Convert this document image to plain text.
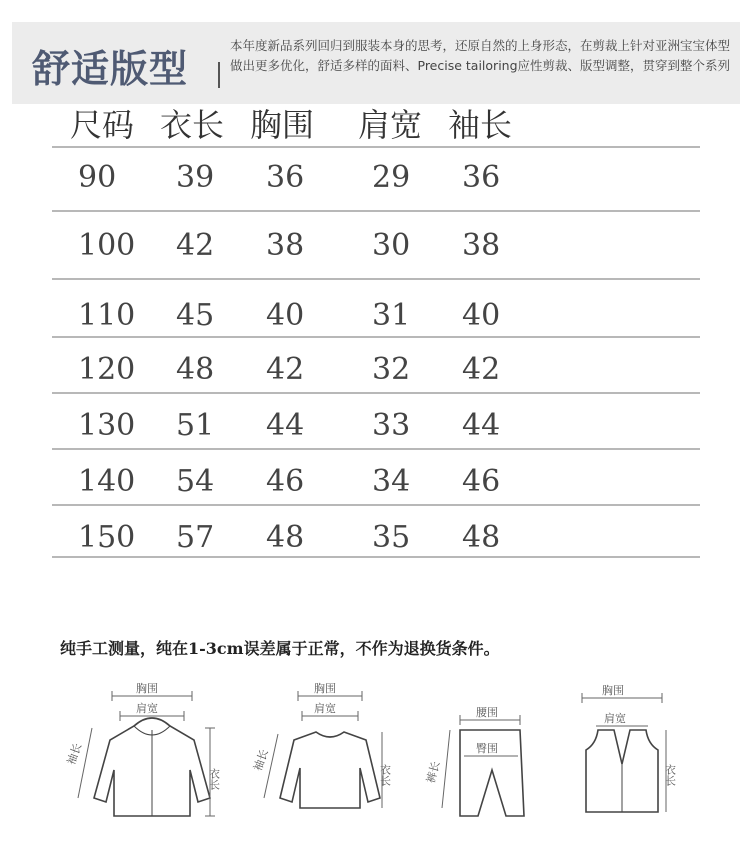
舒适版型
本年度新品系列回归到服装本身的思考，还原自然的上身形态，在剪裁上针对亚洲宝宝体型做出更多优化，舒适多样的面料、Precise tailoring应性剪裁、版型调整，贯穿到整个系列
尺码 衣长 胸围 肩宽 袖长
90 39 36 29 36
100 42 38 30 38
110 45 40 31 40
120 48 42 32 42
130 51 44 33 44
140 54 46 34 46
150 57 48 35 48
纯手工测量，纯在1-3cm误差属于正常，不作为退换货条件。
胸围
肩宽
袖长
衣长
胸围
肩宽
袖长
衣长
腰围
臀围
裤长
胸围
肩宽
衣长
